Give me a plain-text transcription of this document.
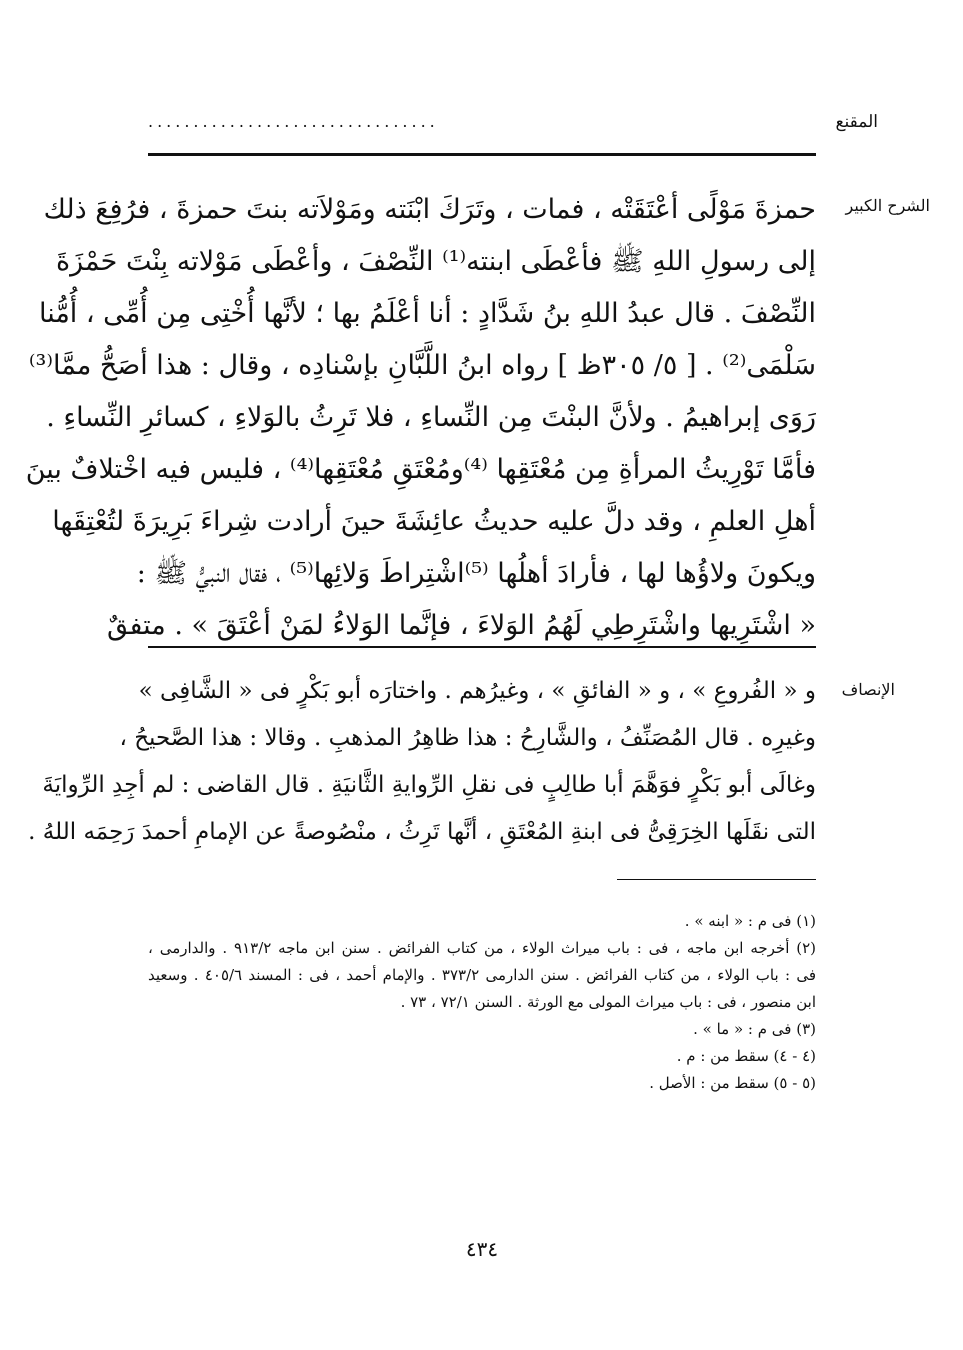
المقنع
................................
الشرح الكبير
حمزةَ مَوْلًى أعْتَقَتْه ، فمات ، وتَرَكَ ابْنَته ومَوْلاَته بنتَ حمزةَ ، فرُفِعَ ذلك
إلى رسولِ اللهِ ﷺ فأعْطَى ابنته⁽¹⁾ النِّصْفَ ، وأعْطَى مَوْلاته بِنْتَ حَمْزَةَ
النِّصْفَ . قال عبدُ اللهِ بنُ شَدَّادٍ : أنا أعْلَمُ بها ؛ لأنَّها أُخْتِى مِن أُمِّى ، أُمُّنا
سَلْمَى⁽²⁾ . [ ٥/ ٣٠٥ظ ] رواه ابنُ اللَّبَّانِ بإسْنادِه ، وقال : هذا أصَحُّ ممَّا⁽³⁾
رَوَى إبراهيمُ . ولأنَّ البنْتَ مِن النِّساءِ ، فلا تَرِثُ بالوَلاءِ ، كسائرِ النِّساءِ .
فأمَّا تَوْرِيثُ المرأةِ مِن مُعْتَقِها ⁽⁴⁾ومُعْتَقِ مُعْتَقِها⁽⁴⁾ ، فليس فيه اخْتلافٌ بينَ
أهلِ العلمِ ، وقد دلَّ عليه حديثُ عائِشَةَ حينَ أرادت شِراءَ بَرِيرَةَ لتُعْتِقَها
ويكونَ ولاؤُها لها ، فأرادَ أهلُها ⁽⁵⁾اشْتِراطَ وَلائِها⁽⁵⁾ ، فقال النبيُّ ﷺ :
« اشْتَرِيها واشْتَرِطِي لَهُمُ الوَلاءَ ، فإنَّما الوَلاءُ لمَنْ أعْتَقَ » . متفقٌ
الإنصاف
و « الفُروعِ » ، و « الفائقِ » ، وغيرُهم . واختارَه أبو بَكْرٍ فى « الشَّافِى »
وغيرِه . قال المُصَنِّفُ ، والشَّارِحُ : هذا ظاهِرُ المذهبِ . وقالا : هذا الصَّحيحُ ،
وغالَى أبو بَكْرٍ فوَهَّمَ أبا طالِبٍ فى نقلِ الرِّوايةِ الثَّانيَةِ . قال القاضى : لم أجِدِ الرِّوايَةَ
التى نقَلَها الخِرَقِىُّ فى ابنةِ المُعْتَقِ ، أنَّها تَرِثُ ، منْصُوصةً عن الإمامِ أحمدَ رَحِمَه اللهُ .
(١) فى م : « ابنه » .
(٢) أخرجه ابن ماجه ، فى : باب ميراث الولاء ، من كتاب الفرائض . سنن ابن ماجه ٩١٣/٢ . والدارمى ،
فى : باب الولاء ، من كتاب الفرائض . سنن الدارمى ٣٧٣/٢ . والإمام أحمد ، فى : المسند ٤٠٥/٦ . وسعيد
ابن منصور ، فى : باب ميراث المولى مع الورثة . السنن ٧٢/١ ، ٧٣ .
(٣) فى م : « ما » .
(٤ - ٤) سقط من : م .
(٥ - ٥) سقط من : الأصل .
٤٣٤
